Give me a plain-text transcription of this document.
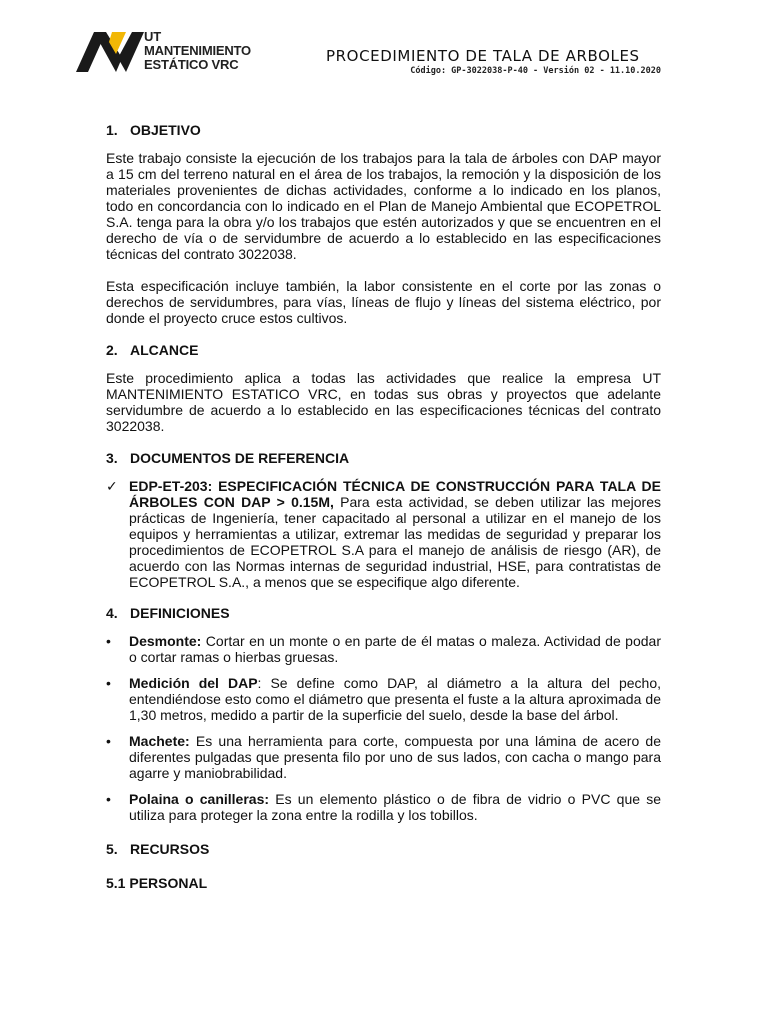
UT
MANTENIMIENTO
ESTÁTICO VRC	PROCEDIMIENTO DE TALA DE ARBOLES
Código: GP-3022038-P-40 - Versión 02 - 11.10.2020
1. OBJETIVO

Este trabajo consiste la ejecución de los trabajos para la tala de árboles con DAP mayor a 15 cm del terreno natural en el área de los trabajos, la remoción y la disposición de los materiales provenientes de dichas actividades, conforme a lo indicado en los planos, todo en concordancia con lo indicado en el Plan de Manejo Ambiental que ECOPETROL S.A. tenga para la obra y/o los trabajos que estén autorizados y que se encuentren en el derecho de vía o de servidumbre de acuerdo a lo establecido en las especificaciones técnicas del contrato 3022038.

Esta especificación incluye también, la labor consistente en el corte por las zonas o derechos de servidumbres, para vías, líneas de flujo y líneas del sistema eléctrico, por donde el proyecto cruce estos cultivos.

2. ALCANCE

Este procedimiento aplica a todas las actividades que realice la empresa UT MANTENIMIENTO ESTATICO VRC, en todas sus obras y proyectos que adelante servidumbre de acuerdo a lo establecido en las especificaciones técnicas del contrato 3022038.

3. DOCUMENTOS DE REFERENCIA
✓ EDP-ET-203: ESPECIFICACIÓN TÉCNICA DE CONSTRUCCIÓN PARA TALA DE ÁRBOLES CON DAP > 0.15M, Para esta actividad, se deben utilizar las mejores prácticas de Ingeniería, tener capacitado al personal a utilizar en el manejo de los equipos y herramientas a utilizar, extremar las medidas de seguridad y preparar los procedimientos de ECOPETROL S.A para el manejo de análisis de riesgo (AR), de acuerdo con las Normas internas de seguridad industrial, HSE, para contratistas de ECOPETROL S.A., a menos que se especifique algo diferente.
4. DEFINICIONES
• Desmonte: Cortar en un monte o en parte de él matas o maleza. Actividad de podar o cortar ramas o hierbas gruesas.
• Medición del DAP: Se define como DAP, al diámetro a la altura del pecho, entendiéndose esto como el diámetro que presenta el fuste a la altura aproximada de 1,30 metros, medido a partir de la superficie del suelo, desde la base del árbol.
• Machete: Es una herramienta para corte, compuesta por una lámina de acero de diferentes pulgadas que presenta filo por uno de sus lados, con cacha o mango para agarre y maniobrabilidad.
• Polaina o canilleras: Es un elemento plástico o de fibra de vidrio o PVC que se utiliza para proteger la zona entre la rodilla y los tobillos.
5. RECURSOS
5.1 PERSONAL
